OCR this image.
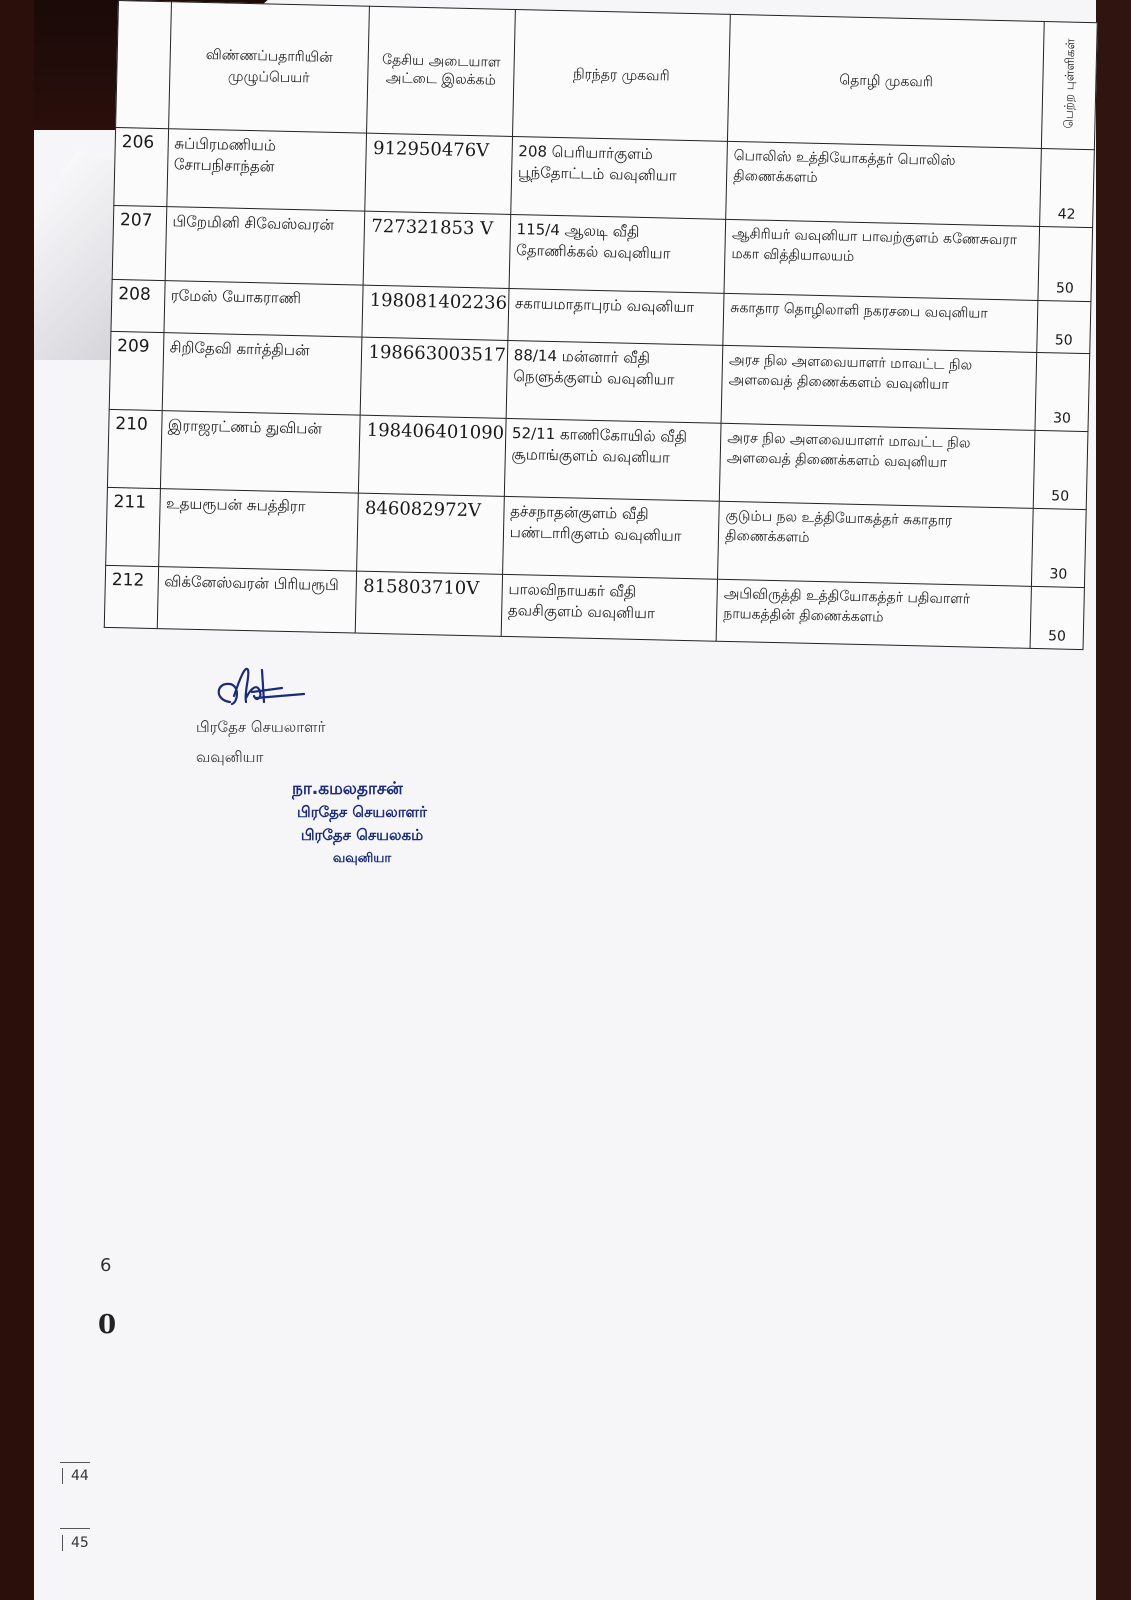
	விண்ணப்பதாரியின் முழுப்பெயர்	தேசிய அடையாள அட்டை இலக்கம்	நிரந்தர முகவரி	தொழி முகவரி	பெற்ற புள்ளிகள்
206	சுப்பிரமணியம் சோபநிசாந்தன்	912950476V	208 பெரியார்குளம் பூந்தோட்டம் வவுனியா	பொலிஸ் உத்தியோகத்தர் பொலிஸ் திணைக்களம்	42
207	பிறேமினி சிவேஸ்வரன்	727321853 V	115/4 ஆலடி வீதி தோணிக்கல் வவுனியா	ஆசிரியர் வவுனியா பாவற்குளம் கணேசுவரா மகா வித்தியாலயம்	50
208	ரமேஸ் யோகராணி	198081402236	சகாயமாதாபுரம் வவுனியா	சுகாதார தொழிலாளி நகரசபை வவுனியா	50
209	சிறிதேவி கார்த்திபன்	198663003517	88/14 மன்னார் வீதி நெளுக்குளம் வவுனியா	அரச நில அளவையாளர் மாவட்ட நில அளவைத் திணைக்களம் வவுனியா	30
210	இராஜரட்ணம் துவிபன்	198406401090	52/11 காணிகோயில் வீதி சூமாங்குளம் வவுனியா	அரச நில அளவையாளர் மாவட்ட நில அளவைத் திணைக்களம் வவுனியா	50
211	உதயரூபன் சுபத்திரா	846082972V	தச்சநாதன்குளம் வீதி பண்டாரிகுளம் வவுனியா	குடும்ப நல உத்தியோகத்தர் சுகாதார திணைக்களம்	30
212	விக்னேஸ்வரன் பிரியரூபி	815803710V	பாலவிநாயகர் வீதி தவசிகுளம் வவுனியா	அபிவிருத்தி உத்தியோகத்தர் பதிவாளர் நாயகத்தின் திணைக்களம்	50
பிரதேச செயலாளர்
வவுனியா
நா.கமலதாசன்
பிரதேச செயலாளர்
பிரதேச செயலகம்
வவுனியா
6
0
44
45
